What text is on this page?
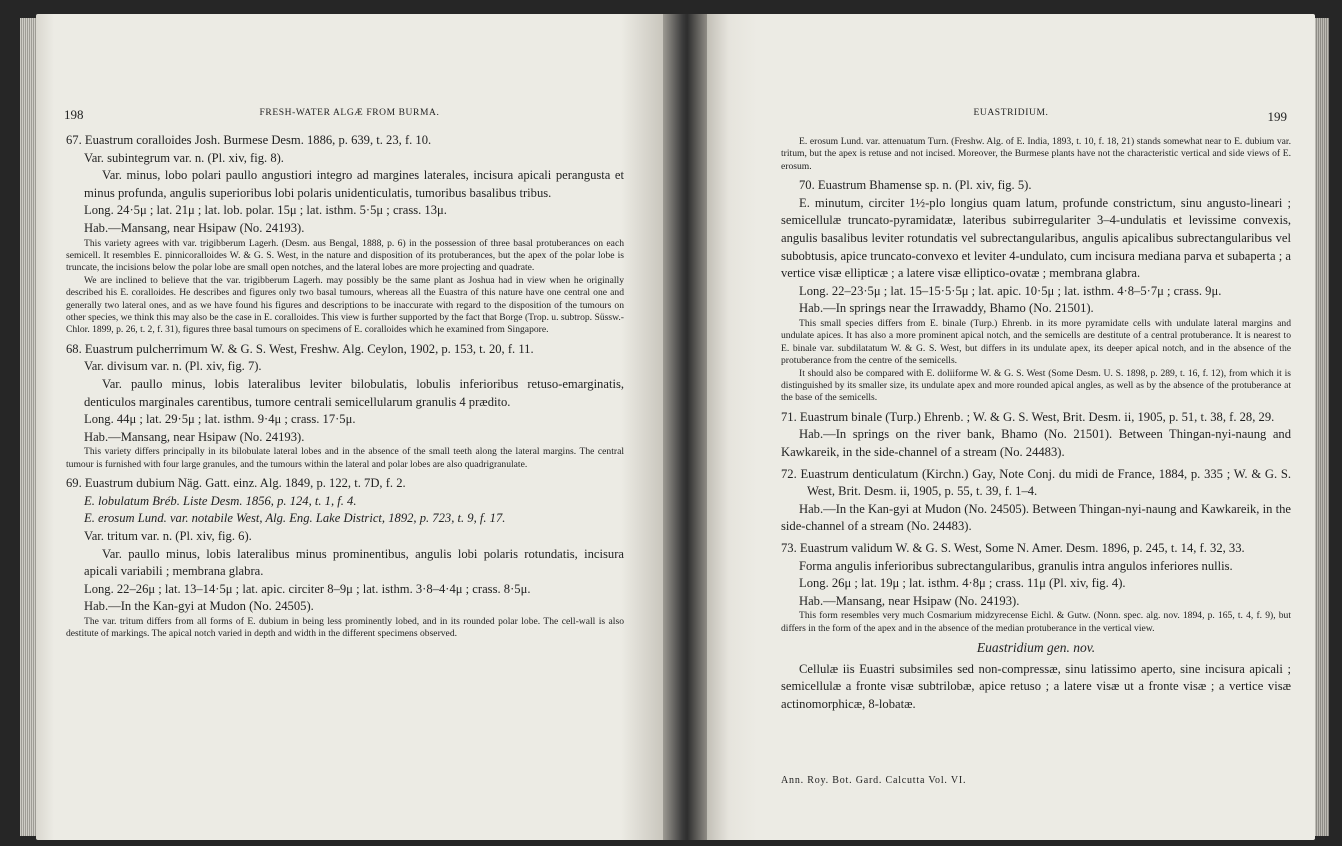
198	FRESH-WATER ALGÆ FROM BURMA.

67. Euastrum coralloides Josh. Burmese Desm. 1886, p. 639, t. 23, f. 10.

Var. subintegrum var. n. (Pl. xiv, fig. 8).

Var. minus, lobo polari paullo angustiori integro ad margines laterales, incisura apicali perangusta et minus profunda, angulis superioribus lobi polaris unidenticulatis, tumoribus basalibus tribus.

Long. 24·5μ ; lat. 21μ ; lat. lob. polar. 15μ ; lat. isthm. 5·5μ ; crass. 13μ.

Hab.—Mansang, near Hsipaw (No. 24193).

This variety agrees with var. trigibberum Lagerh. (Desm. aus Bengal, 1888, p. 6) in the possession of three basal protuberances on each semicell. It resembles E. pinnicoralloides W. & G. S. West, in the nature and disposition of its protuberances, but the apex of the polar lobe is truncate, the incisions below the polar lobe are small open notches, and the lateral lobes are more projecting and quadrate.

We are inclined to believe that the var. trigibberum Lagerh. may possibly be the same plant as Joshua had in view when he originally described his E. coralloides. He describes and figures only two basal tumours, whereas all the Euastra of this nature have one central one and generally two lateral ones, and as we have found his figures and descriptions to be inaccurate with regard to the disposition of the tumours on other species, we think this may also be the case in E. coralloides. This view is further supported by the fact that Borge (Trop. u. subtrop. Süssw.-Chlor. 1899, p. 26, t. 2, f. 31), figures three basal tumours on specimens of E. coralloides which he examined from Singapore.

68. Euastrum pulcherrimum W. & G. S. West, Freshw. Alg. Ceylon, 1902, p. 153, t. 20, f. 11.

Var. divisum var. n. (Pl. xiv, fig. 7).

Var. paullo minus, lobis lateralibus leviter bilobulatis, lobulis inferioribus retuso-emarginatis, denticulos marginales carentibus, tumore centrali semicellularum granulis 4 prædito.

Long. 44μ ; lat. 29·5μ ; lat. isthm. 9·4μ ; crass. 17·5μ.

Hab.—Mansang, near Hsipaw (No. 24193).

This variety differs principally in its bilobulate lateral lobes and in the absence of the small teeth along the lateral margins. The central tumour is furnished with four large granules, and the tumours within the lateral and polar lobes are also quadrigranulate.

69. Euastrum dubium Näg. Gatt. einz. Alg. 1849, p. 122, t. 7D, f. 2.

E. lobulatum Bréb. Liste Desm. 1856, p. 124, t. 1, f. 4.

E. erosum Lund. var. notabile West, Alg. Eng. Lake District, 1892, p. 723, t. 9, f. 17.

Var. tritum var. n. (Pl. xiv, fig. 6).

Var. paullo minus, lobis lateralibus minus prominentibus, angulis lobi polaris rotundatis, incisura apicali variabili ; membrana glabra.

Long. 22–26μ ; lat. 13–14·5μ ; lat. apic. circiter 8–9μ ; lat. isthm. 3·8–4·4μ ; crass. 8·5μ.

Hab.—In the Kan-gyi at Mudon (No. 24505).

The var. tritum differs from all forms of E. dubium in being less prominently lobed, and in its rounded polar lobe. The cell-wall is also destitute of markings. The apical notch varied in depth and width in the different specimens observed.

EUASTRIDIUM.	199

E. erosum Lund. var. attenuatum Turn. (Freshw. Alg. of E. India, 1893, t. 10, f. 18, 21) stands somewhat near to E. dubium var. tritum, but the apex is retuse and not incised. Moreover, the Burmese plants have not the characteristic vertical and side views of E. erosum.

70. Euastrum Bhamense sp. n. (Pl. xiv, fig. 5).

E. minutum, circiter 1½-plo longius quam latum, profunde constrictum, sinu angusto-lineari ; semicellulæ truncato-pyramidatæ, lateribus subirregulariter 3–4-undulatis et levissime convexis, angulis basalibus leviter rotundatis vel subrectangularibus, angulis apicalibus subrectangularibus vel subobtusis, apice truncato-convexo et leviter 4-undulato, cum incisura mediana parva et subaperta ; a vertice visæ ellipticæ ; a latere visæ elliptico-ovatæ ; membrana glabra.

Long. 22–23·5μ ; lat. 15–15·5·5μ ; lat. apic. 10·5μ ; lat. isthm. 4·8–5·7μ ; crass. 9μ.

Hab.—In springs near the Irrawaddy, Bhamo (No. 21501).

This small species differs from E. binale (Turp.) Ehrenb. in its more pyramidate cells with undulate lateral margins and undulate apices. It has also a more prominent apical notch, and the semicells are destitute of a central protuberance. It is nearest to E. binale var. subdilatatum W. & G. S. West, but differs in its undulate apex, its deeper apical notch, and in the absence of the protuberance from the centre of the semicells.

It should also be compared with E. doliiforme W. & G. S. West (Some Desm. U. S. 1898, p. 289, t. 16, f. 12), from which it is distinguished by its smaller size, its undulate apex and more rounded apical angles, as well as by the absence of the protuberance at the base of the semicells.

71. Euastrum binale (Turp.) Ehrenb. ; W. & G. S. West, Brit. Desm. ii, 1905, p. 51, t. 38, f. 28, 29.

Hab.—In springs on the river bank, Bhamo (No. 21501). Between Thingan-nyi-naung and Kawkareik, in the side-channel of a stream (No. 24483).

72. Euastrum denticulatum (Kirchn.) Gay, Note Conj. du midi de France, 1884, p. 335 ; W. & G. S. West, Brit. Desm. ii, 1905, p. 55, t. 39, f. 1–4.

Hab.—In the Kan-gyi at Mudon (No. 24505). Between Thingan-nyi-naung and Kawkareik, in the side-channel of a stream (No. 24483).

73. Euastrum validum W. & G. S. West, Some N. Amer. Desm. 1896, p. 245, t. 14, f. 32, 33.

Forma angulis inferioribus subrectangularibus, granulis intra angulos inferiores nullis.

Long. 26μ ; lat. 19μ ; lat. isthm. 4·8μ ; crass. 11μ (Pl. xiv, fig. 4).

Hab.—Mansang, near Hsipaw (No. 24193).

This form resembles very much Cosmarium midzyrecense Eichl. & Gutw. (Nonn. spec. alg. nov. 1894, p. 165, t. 4, f. 9), but differs in the form of the apex and in the absence of the median protuberance in the vertical view.

Euastridium gen. nov.

Cellulæ iis Euastri subsimiles sed non-compressæ, sinu latissimo aperto, sine incisura apicali ; semicellulæ a fronte visæ subtrilobæ, apice retuso ; a latere visæ ut a fronte visæ ; a vertice visæ actinomorphicæ, 8-lobatæ.

Ann. Roy. Bot. Gard. Calcutta Vol. VI.
